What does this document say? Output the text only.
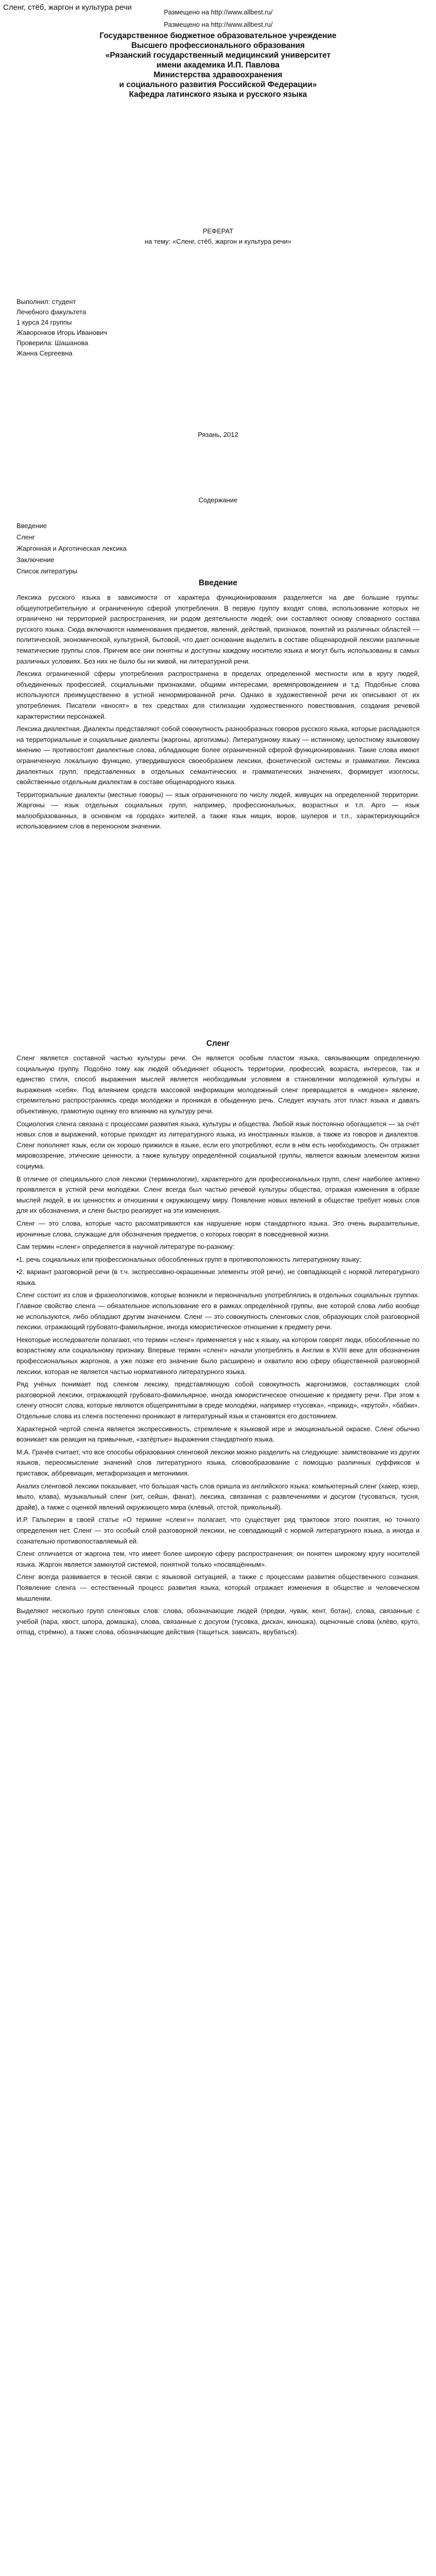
Сленг, стёб, жаргон и культура речи
Размещено на http://www.allbest.ru/
Размещено на http://www.allbest.ru/
Государственное бюджетное образовательное учреждение
Высшего профессионального образования
«Рязанский государственный медицинский университет
имени академика И.П. Павлова
Министерства здравоохранения
и социального развития Российской Федерации»
Кафедра латинского языка и русского языка
РЕФЕРАТ
на тему: «Сленг, стёб, жаргон и культура речи»
Выполнил: студент
Лечебного факультета
1 курса 24 группы
Жаворонков Игорь Иванович
Проверила: Шашанова
Жанна Сергеевна
Рязань, 2012
Содержание
Введение
Сленг
Жаргонная и Арготическая лексика
Заключение
Список литературы
Введение

Лексика русского языка в зависимости от характера функционирования разделяется на две большие группы: общеупотребительную и ограниченную сферой употребления. В первую группу входят слова, использование которых не ограничено ни территорией распространения, ни родом деятельности людей; они составляют основу словарного состава русского языка. Сюда включаются наименования предметов, явлений, действий, признаков, понятий из различных областей — политической, экономической, культурной, бытовой, что дает основание выделить в составе общенародной лексики различные тематические группы слов. Причем все они понятны и доступны каждому носителю языка и могут быть использованы в самых различных условиях. Без них не было бы ни живой, ни литературной речи.

Лексика ограниченной сферы употребления распространена в пределах определенной местности или в кругу людей, объединенных профессией, социальными признаками, общими интересами, времяпровождением и т.д. Подобные слова используются преимущественно в устной ненормированной речи. Однако в художественной речи их описывают от их употребления. Писатели «вносят» в тех средствах для стилизации художественного повествования, создания речевой характеристики персонажей.

Лексика диалектная. Диалекты представляют собой совокупность разнообразных говоров русского языка, которые распадаются на территориальные и социальные диалекты (жаргоны, арготизмы). Литературному языку — истинному, целостному языковому мнению — противостоят диалектные слова, обладающие более ограниченной сферой функционирования. Такие слова имеют ограниченную локальную функцию, утвердившуюся своеобразием лексики, фонетической системы и грамматики. Лексика диалектных групп, представленных в отдельных семантических и грамматических значениях, формирует изоглосы, свойственные отдельным диалектам в составе общенародного языка.

Территориальные диалекты (местные говоры) — язык ограниченного по числу людей, живущих на определенной территории. Жаргоны — язык отдельных социальных групп, например, профессиональных, возрастных и т.п. Арго — язык малообразованных, в основном «в городах» жителей, а также язык нищих, воров, шулеров и т.п., характеризующийся использованием слов в переносном значении.

Сленг

Сленг является составной частью культуры речи. Он является особым пластом языка, связывающим определенную социальную группу. Подобно тому как людей объединяет общность территории, профессий, возраста, интересов, так и единство стиля, способ выражения мыслей является необходимым условием в становлении молодежной культуры и выражения «себя». Под влиянием средств массовой информации молодежный сленг превращается в «модное» явление, стремительно распространяясь среди молодежи и проникая в обыденную речь. Следует изучать этот пласт языка и давать объективную, грамотную оценку его влиянию на культуру речи.

Социология сленга связана с процессами развития языка, культуры и общества. Любой язык постоянно обогащается — за счёт новых слов и выражений, которые приходят из литературного языка, из иностранных языков, а также из говоров и диалектов. Сленг пополняет язык, если он хорошо прижился в языке, если его употребляют, если в нём есть необходимость. Он отражает мировоззрение, этические ценности, а также культуру определённой социальной группы, является важным элементом жизни социума.

В отличие от специального слоя лексики (терминологии), характерного для профессиональных групп, сленг наиболее активно проявляется в устной речи молодёжи. Сленг всегда был частью речевой культуры общества, отражая изменения в образе мыслей людей, в их ценностях и отношении к окружающему миру. Появление новых явлений в обществе требует новых слов для их обозначения, и сленг быстро реагирует на эти изменения.

Сленг — это слова, которые часто рассматриваются как нарушение норм стандартного языка. Это очень выразительные, ироничные слова, служащие для обозначения предметов, о которых говорят в повседневной жизни.

Сам термин «сленг» определяется в научной литературе по-разному:

•1. речь социальных или профессиональных обособленных групп в противоположность литературному языку;

•2. вариант разговорной речи (в т.ч. экспрессивно-окрашенные элементы этой речи), не совпадающей с нормой литературного языка.

Сленг состоит из слов и фразеологизмов, которые возникли и первоначально употреблялись в отдельных социальных группах. Главное свойство сленга — обязательное использование его в рамках определённой группы, вне которой слова либо вообще не используются, либо обладают другим значением. Сленг — это совокупность сленговых слов, образующих слой разговорной лексики, отражающий грубовато-фамильярное, иногда юмористическое отношение к предмету речи.

Некоторые исследователи полагают, что термин «сленг» применяется у нас к языку, на котором говорят люди, обособленные по возрастному или социальному признаку. Впервые термин «сленг» начали употреблять в Англии в XVIII веке для обозначения профессиональных жаргонов, а уже позже его значение было расширено и охватило всю сферу общественной разговорной лексики, которая не является частью нормативного литературного языка.

Ряд учёных понимает под сленгом лексику, представляющую собой совокупность жаргонизмов, составляющих слой разговорной лексики, отражающей грубовато-фамильярное, иногда юмористическое отношение к предмету речи. При этом к сленгу относят слова, которые являются общепринятыми в среде молодёжи, например «тусовка», «прикид», «крутой», «бабки». Отдельные слова из сленга постепенно проникают в литературный язык и становятся его достоянием.

Характерной чертой сленга является экспрессивность, стремление к языковой игре и эмоциональной окраске. Сленг обычно возникает как реакция на привычные, «затёртые» выражения стандартного языка.

М.А. Грачёв считает, что все способы образования сленговой лексики можно разделить на следующие: заимствование из других языков, переосмысление значений слов литературного языка, словообразование с помощью различных суффиксов и приставок, аббревиация, метафоризация и метонимия.

Анализ сленговой лексики показывает, что большая часть слов пришла из английского языка: компьютерный сленг (хакер, юзер, мыло, клава), музыкальный сленг (хит, сейшн, фанат), лексика, связанная с развлечениями и досугом (тусоваться, тусня, драйв), а также с оценкой явлений окружающего мира (клёвый, отстой, прикольный).

И.Р. Гальперин в своей статье «О термине «сленг»» полагает, что существует ряд трактовок этого понятия, но точного определения нет. Сленг — это особый слой разговорной лексики, не совпадающий с нормой литературного языка, а иногда и сознательно противопоставляемый ей.

Сленг отличается от жаргона тем, что имеет более широкую сферу распространения; он понятен широкому кругу носителей языка. Жаргон является замкнутой системой, понятной только «посвящённым».

Сленг всегда развивается в тесной связи с языковой ситуацией, а также с процессами развития общественного сознания. Появление сленга — естественный процесс развития языка, который отражает изменения в обществе и человеческом мышлении.

Выделяют несколько групп сленговых слов: слова, обозначающие людей (предки, чувак, кент, ботан), слова, связанные с учебой (пара, хвост, шпора, домашка), слова, связанные с досугом (тусовка, дискач, киношка), оценочные слова (клёво, круто, отпад, стрёмно), а также слова, обозначающие действия (тащиться, зависать, врубаться).
